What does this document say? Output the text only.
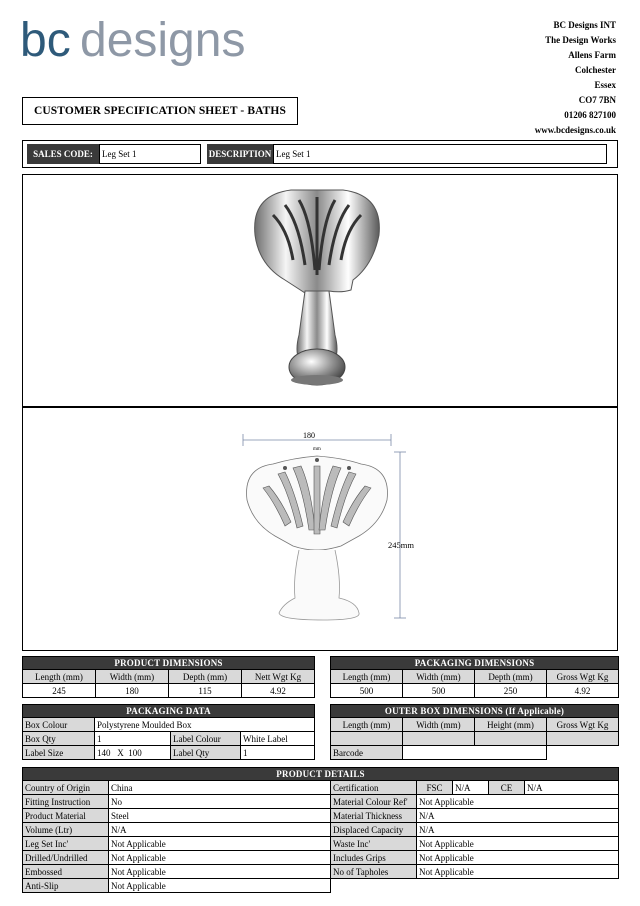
bc designs	BC Designs INT
The Design Works
Allens Farm
Colchester
Essex
CO7 7BN
01206 827100
www.bcdesigns.co.uk
CUSTOMER SPECIFICATION SHEET - BATHS
SALES CODE:	Leg Set 1	DESCRIPTION Leg Set 1
180
mm
245mm
PRODUCT DIMENSIONS			
Length (mm)	Width (mm)	Depth (mm)	Nett Wgt Kg
245	180	115	4.92
PACKAGING DIMENSIONS			
Length (mm)	Width (mm)	Depth (mm)	Gross Wgt Kg
500	500	250	4.92
PACKAGING DATA			
Box Colour	Polystyrene Moulded Box		
Box Qty	1	Label Colour	White Label
Label Size	140   X  100	Label Qty	1
OUTER BOX DIMENSIONS (If Applicable)			
Length (mm)	Width (mm)	Height (mm)	Gross Wgt Kg

Barcode			
PRODUCT DETAILS						
Country of Origin	China	Certification	FSC	N/A	CE	N/A
Fitting Instruction	No	Material Colour Ref'	Not Applicable			
Product Material	Steel	Material Thickness	N/A			
Volume (Ltr)	N/A	Displaced Capacity	N/A			
Leg Set Inc'	Not Applicable	Waste Inc'	Not Applicable			
Drilled/Undrilled	Not Applicable	Includes Grips	Not Applicable			
Embossed	Not Applicable	No of Tapholes	Not Applicable			
Anti-Slip	Not Applicable					
